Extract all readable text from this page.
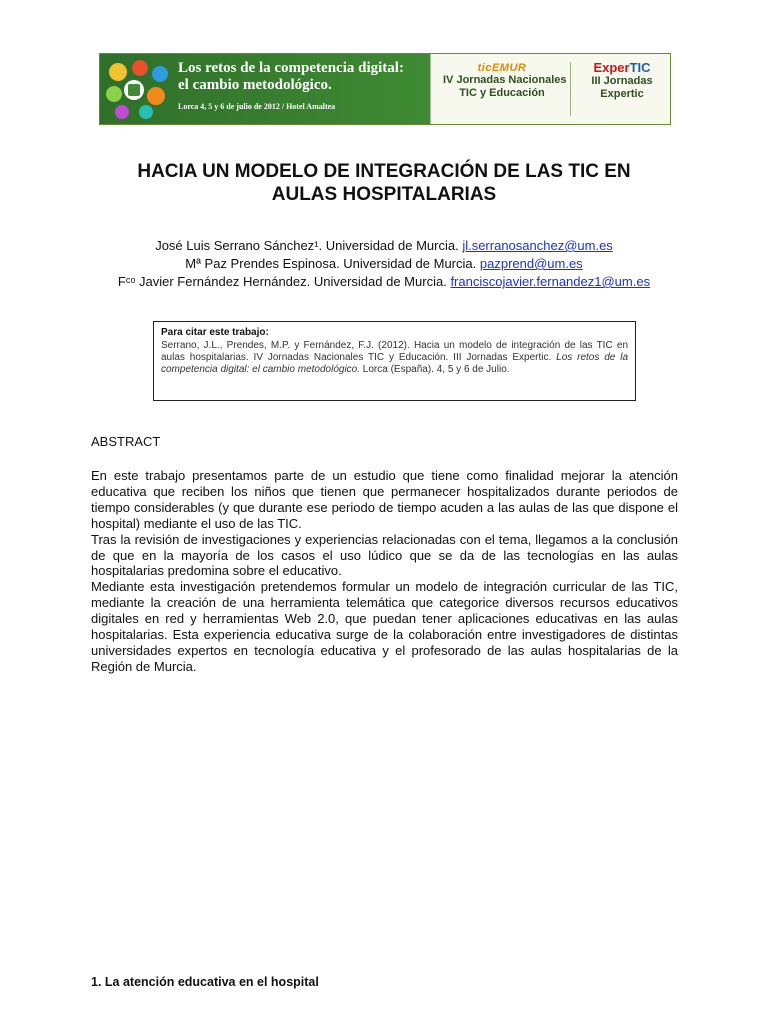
Los retos de la competencia digital:
el cambio metodológico.
Lorca 4, 5 y 6 de julio de 2012 / Hotel Amaltea
ticEMUR
IV Jornadas Nacionales
TIC y Educación
ExperTIC
III Jornadas
Expertic
HACIA UN MODELO DE INTEGRACIÓN DE LAS TIC EN
AULAS HOSPITALARIAS
José Luis Serrano Sánchez¹. Universidad de Murcia. jl.serranosanchez@um.es
Mª Paz Prendes Espinosa. Universidad de Murcia. pazprend@um.es
Fᶜᵒ Javier Fernández Hernández. Universidad de Murcia. franciscojavier.fernandez1@um.es
Para citar este trabajo:
Serrano, J.L., Prendes, M.P. y Fernández, F.J. (2012). Hacia un modelo de integración de las TIC en aulas hospitalarias. IV Jornadas Nacionales TIC y Educación. III Jornadas Expertic. Los retos de la competencia digital: el cambio metodológico. Lorca (España). 4, 5 y 6 de Julio.
ABSTRACT

En este trabajo presentamos parte de un estudio que tiene como finalidad mejorar la atención educativa que reciben los niños que tienen que permanecer hospitalizados durante periodos de tiempo considerables (y que durante ese periodo de tiempo acuden a las aulas de las que dispone el hospital) mediante el uso de las TIC.

Tras la revisión de investigaciones y experiencias relacionadas con el tema, llegamos a la conclusión de que en la mayoría de los casos el uso lúdico que se da de las tecnologías en las aulas hospitalarias predomina sobre el educativo.

Mediante esta investigación pretendemos formular un modelo de integración curricular de las TIC, mediante la creación de una herramienta telemática que categorice diversos recursos educativos digitales en red y herramientas Web 2.0, que puedan tener aplicaciones educativas en las aulas hospitalarias. Esta experiencia educativa surge de la colaboración entre investigadores de distintas universidades expertos en tecnología educativa y el profesorado de las aulas hospitalarias de la Región de Murcia.

1. La atención educativa en el hospital
